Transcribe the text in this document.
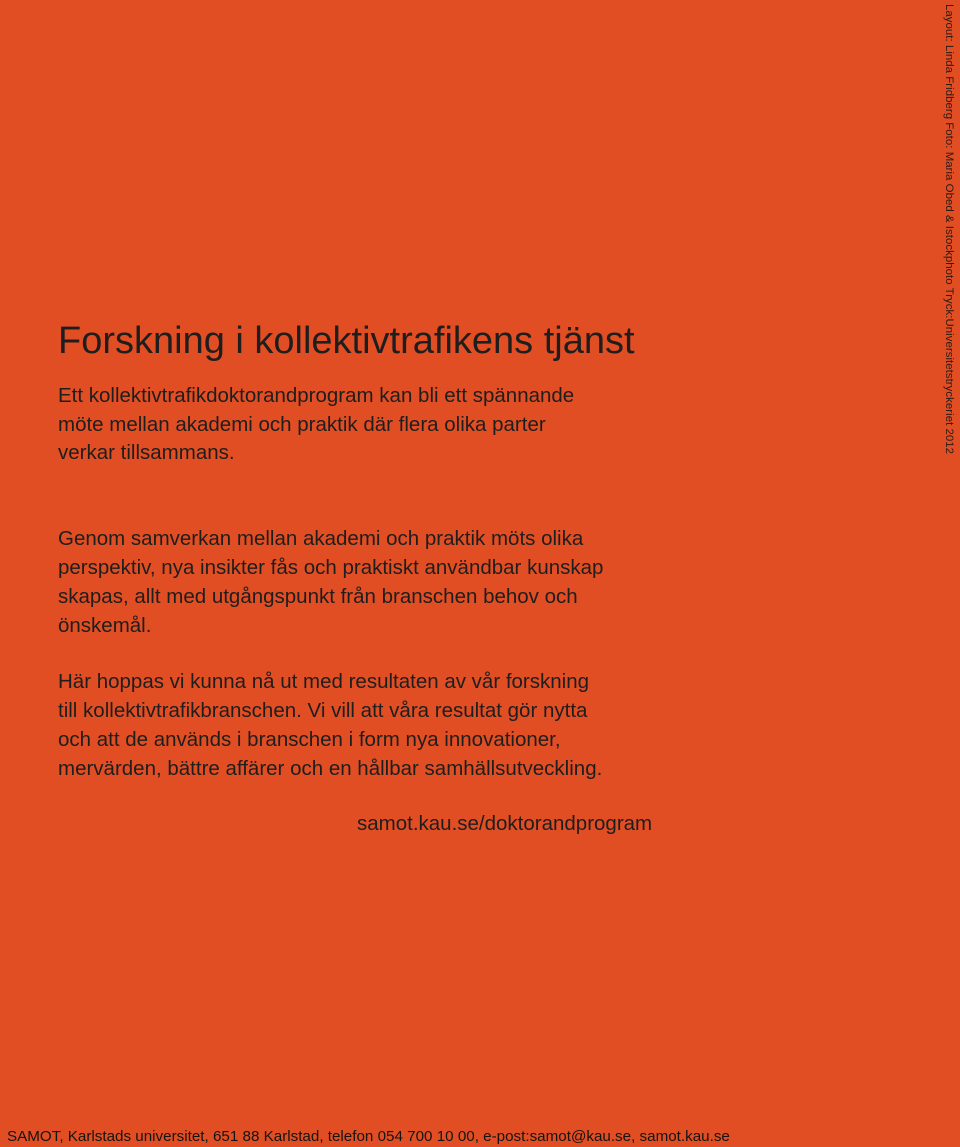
Layout: Linda Fridberg Foto: Maria Obed & Istockphoto Tryck:Universitetstryckeriet 2012
Forskning i kollektivtrafikens tjänst

Ett kollektivtrafikdoktorandprogram kan bli ett spännande
möte mellan akademi och praktik där flera olika parter
verkar tillsammans.

Genom samverkan mellan akademi och praktik möts olika
perspektiv, nya insikter fås och praktiskt användbar kunskap
skapas, allt med utgångspunkt från branschen behov och
önskemål.

Här hoppas vi kunna nå ut med resultaten av vår forskning
till kollektivtrafikbranschen. Vi vill att våra resultat gör nytta
och att de används i branschen i form nya innovationer,
mervärden, bättre affärer och en hållbar samhällsutveckling.

samot.kau.se/doktorandprogram

SAMOT, Karlstads universitet, 651 88 Karlstad, telefon 054 700 10 00, e-post:samot@kau.se, samot.kau.se
